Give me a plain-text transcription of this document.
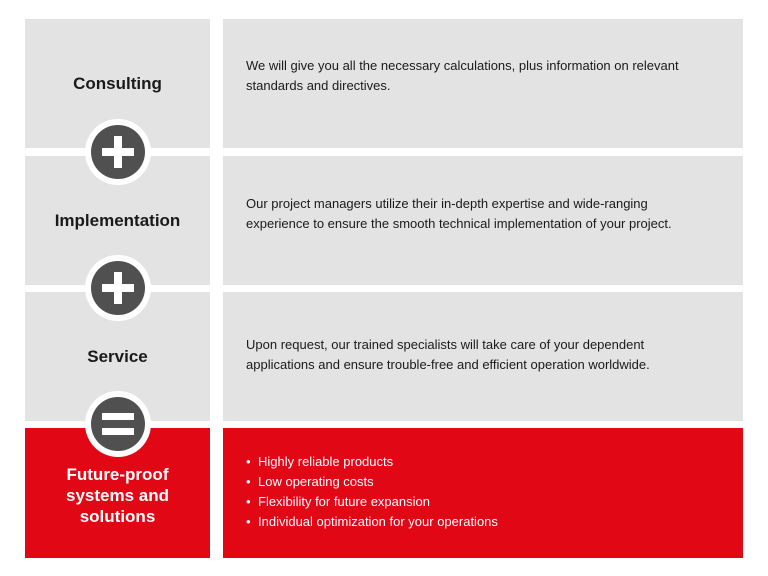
Consulting

We will give you all the necessary calculations, plus information on relevant standards and directives.

Implementation

Our project managers utilize their in-depth expertise and wide-ranging experience to ensure the smooth technical implementation of your project.

Service

Upon request, our trained specialists will take care of your dependent applications and ensure trouble-free and efficient operation worldwide.

Future-proof
systems and
solutions
• Highly reliable products
• Low operating costs
• Flexibility for future expansion
• Individual optimization for your operations
